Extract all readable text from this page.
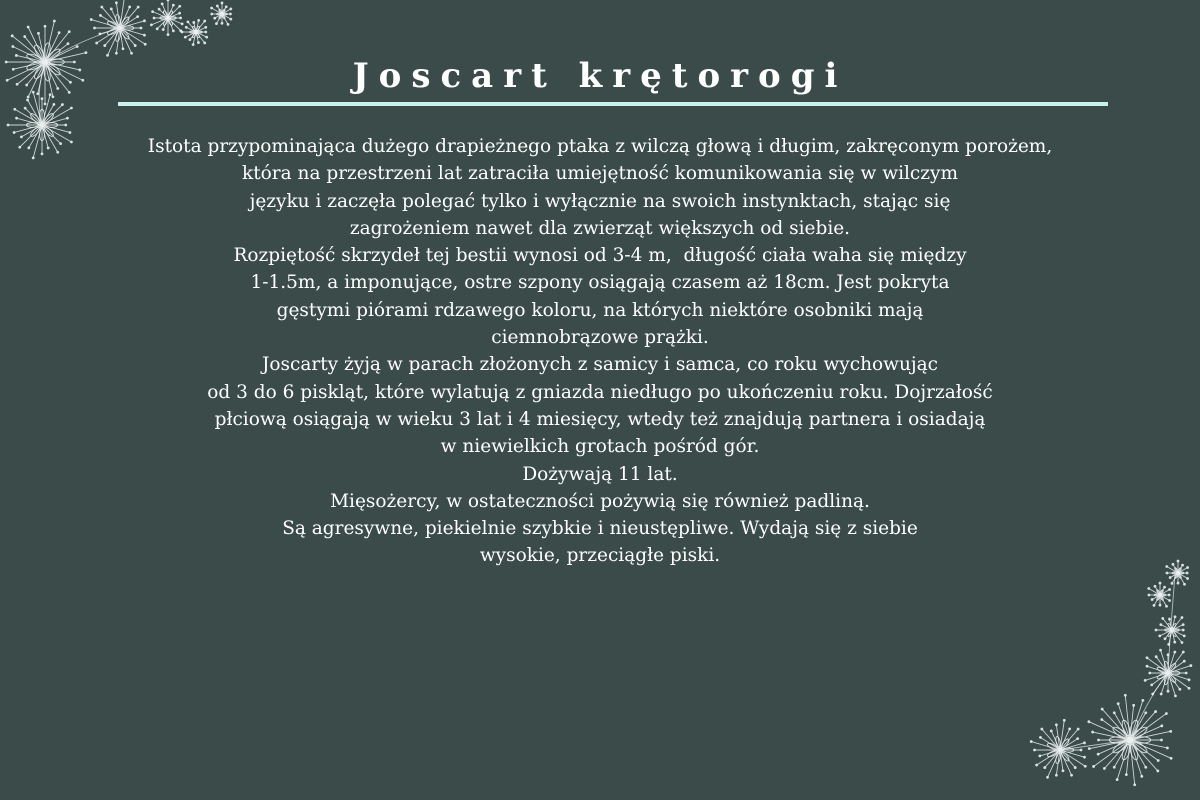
Joscart krętorogi
Istota przypominająca dużego drapieżnego ptaka z wilczą głową i długim, zakręconym porożem,
która na przestrzeni lat zatraciła umiejętność komunikowania się w wilczym
języku i zaczęła polegać tylko i wyłącznie na swoich instynktach, stając się
zagrożeniem nawet dla zwierząt większych od siebie.
Rozpiętość skrzydeł tej bestii wynosi od 3-4 m,  długość ciała waha się między
1-1.5m, a imponujące, ostre szpony osiągają czasem aż 18cm. Jest pokryta
gęstymi piórami rdzawego koloru, na których niektóre osobniki mają
ciemnobrązowe prążki.
Joscarty żyją w parach złożonych z samicy i samca, co roku wychowując
od 3 do 6 piskląt, które wylatują z gniazda niedługo po ukończeniu roku. Dojrzałość
płciową osiągają w wieku 3 lat i 4 miesięcy, wtedy też znajdują partnera i osiadają
w niewielkich grotach pośród gór.
Dożywają 11 lat.
Mięsożercy, w ostateczności pożywią się również padliną.
Są agresywne, piekielnie szybkie i nieustępliwe. Wydają się z siebie
wysokie, przeciągłe piski.
